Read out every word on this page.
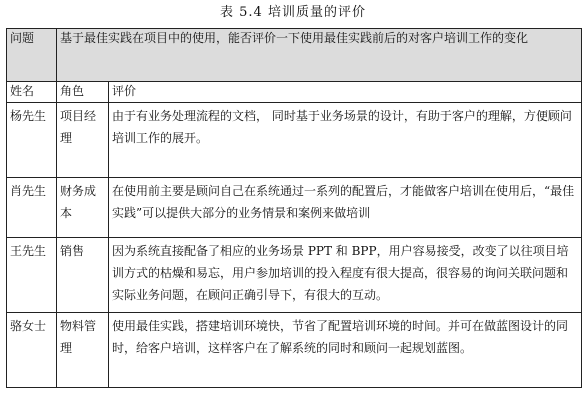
表 5.4 培训质量的评价
问题	基于最佳实践在项目中的使用，能否评价一下使用最佳实践前后的对客户培训工作的变化	
姓名	角色	评价
杨先生	项目经理	由于有业务处理流程的文档， 同时基于业务场景的设计，有助于客户的理解，方便顾问培训工作的展开。
肖先生	财务成本	在使用前主要是顾问自己在系统通过一系列的配置后，才能做客户培训在使用后，“最佳实践”可以提供大部分的业务情景和案例来做培训
王先生	销售	因为系统直接配备了相应的业务场景 PPT 和 BPP，用户容易接受，改变了以往项目培训方式的枯燥和易忘，用户参加培训的投入程度有很大提高，很容易的询问关联问题和实际业务问题，在顾问正确引导下，有很大的互动。
骆女士	物料管理	使用最佳实践，搭建培训环境快，节省了配置培训环境的时间。并可在做蓝图设计的同时，给客户培训，这样客户在了解系统的同时和顾问一起规划蓝图。
